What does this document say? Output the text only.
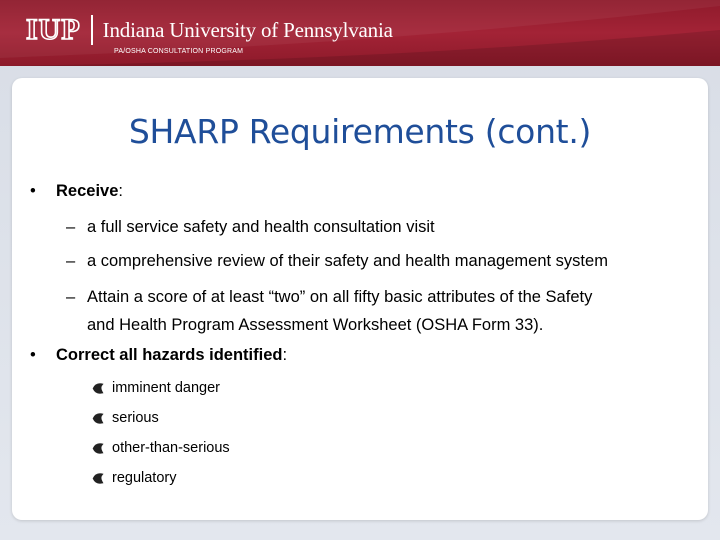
IUP Indiana University of Pennsylvania
PA/OSHA CONSULTATION PROGRAM
SHARP Requirements (cont.)
•	Receive :
– a full service safety and health consultation visit
– a comprehensive review of their safety and health management system
– Attain a score of at least “two” on all fifty basic attributes of the Safety
and Health Program Assessment Worksheet (OSHA Form 33).
•	Correct all hazards identified :
imminent danger
serious
other-than-serious
regulatory
